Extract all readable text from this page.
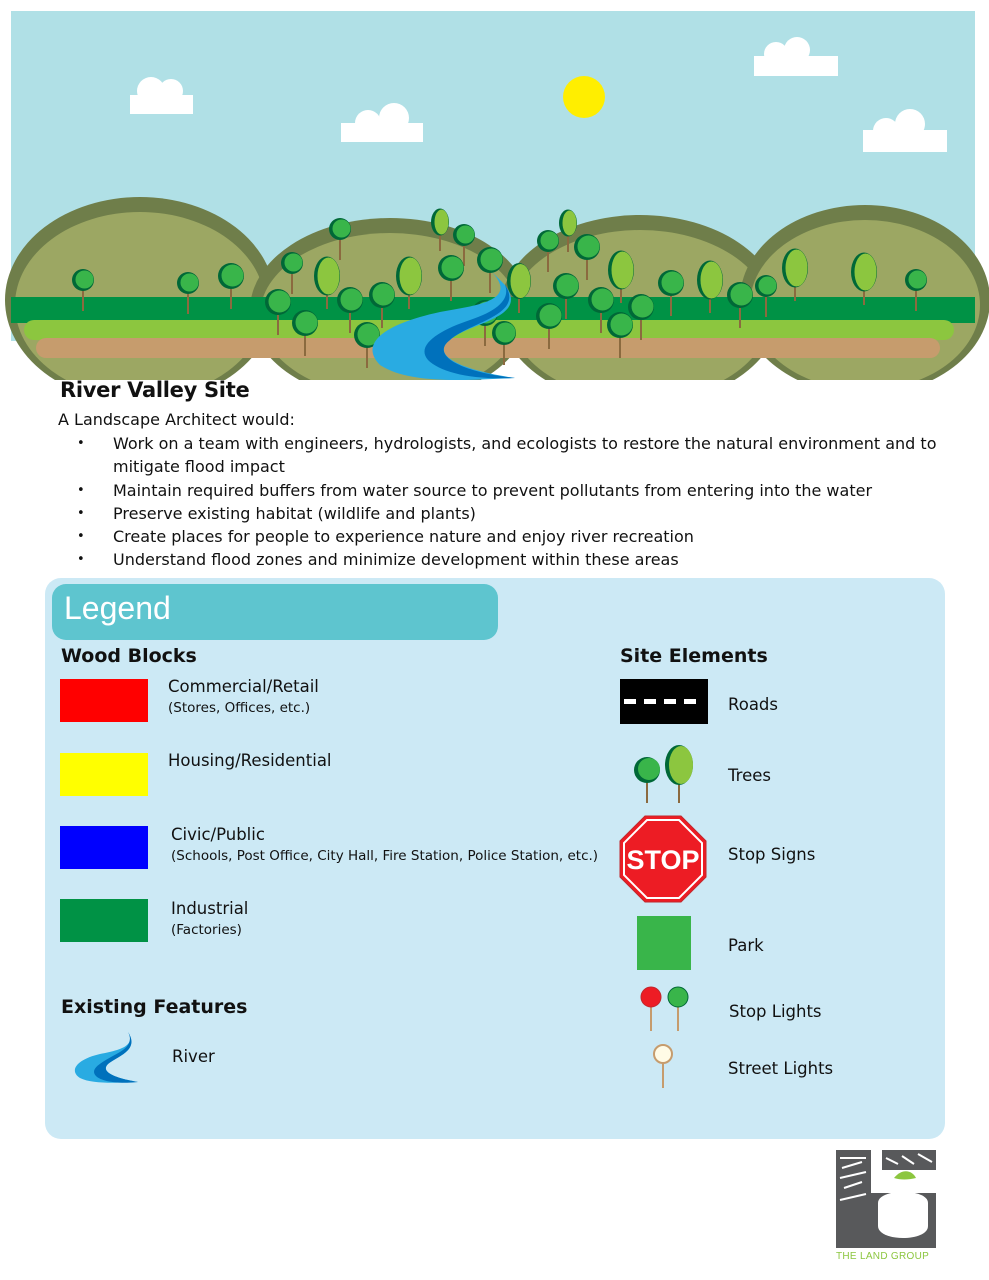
River Valley Site
A Landscape Architect would:
• Work on a team with engineers, hydrologists, and ecologists to restore the natural environment and to mitigate flood impact
• Maintain required buffers from water source to prevent pollutants from entering into the water
• Preserve existing habitat (wildlife and plants)
• Create places for people to experience nature and enjoy river recreation
• Understand flood zones and minimize development within these areas
Legend
Wood Blocks
Commercial/Retail
(Stores, Offices, etc.)
Housing/Residential
Civic/Public
(Schools, Post Office, City Hall, Fire Station, Police Station, etc.)
Industrial
(Factories)
Existing Features
River
Site Elements
Roads
Trees
STOP Stop Signs
Park
Stop Lights
Street Lights
THE LAND GROUP
